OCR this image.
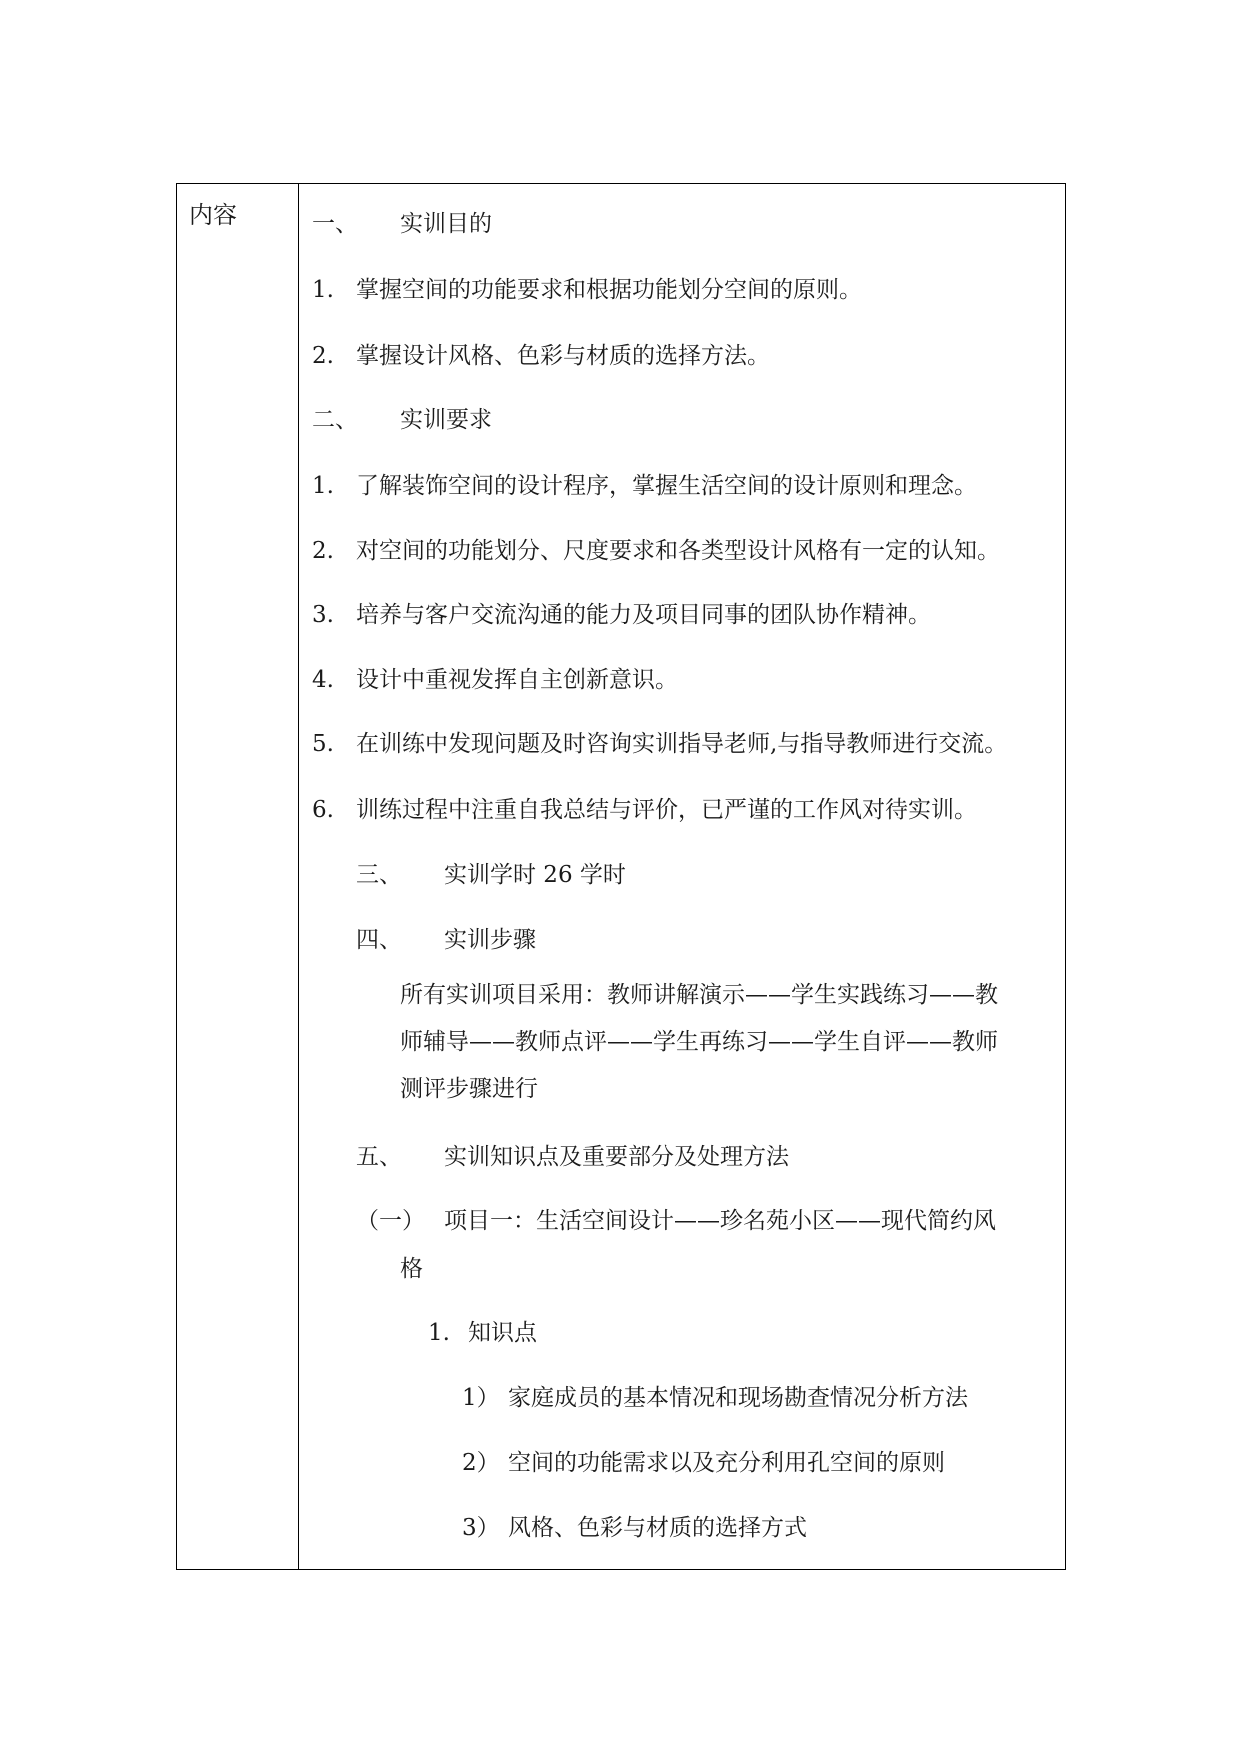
内容	一、 实训目的
1. 掌握空间的功能要求和根据功能划分空间的原则。
2. 掌握设计风格、色彩与材质的选择方法。
二、 实训要求
1. 了解装饰空间的设计程序，掌握生活空间的设计原则和理念。
2. 对空间的功能划分、尺度要求和各类型设计风格有一定的认知。
3. 培养与客户交流沟通的能力及项目同事的团队协作精神。
4. 设计中重视发挥自主创新意识。
5. 在训练中发现问题及时咨询实训指导老师,与指导教师进行交流。
6. 训练过程中注重自我总结与评价，已严谨的工作风对待实训。
三、 实训学时 26 学时
四、 实训步骤
所有实训项目采用：教师讲解演示——学生实践练习——教
师辅导——教师点评——学生再练习——学生自评——教师
测评步骤进行
五、 实训知识点及重要部分及处理方法
（一） 项目一：生活空间设计——珍名苑小区——现代简约风
格
1. 知识点
1） 家庭成员的基本情况和现场勘查情况分析方法
2） 空间的功能需求以及充分利用孔空间的原则
3） 风格、色彩与材质的选择方式
